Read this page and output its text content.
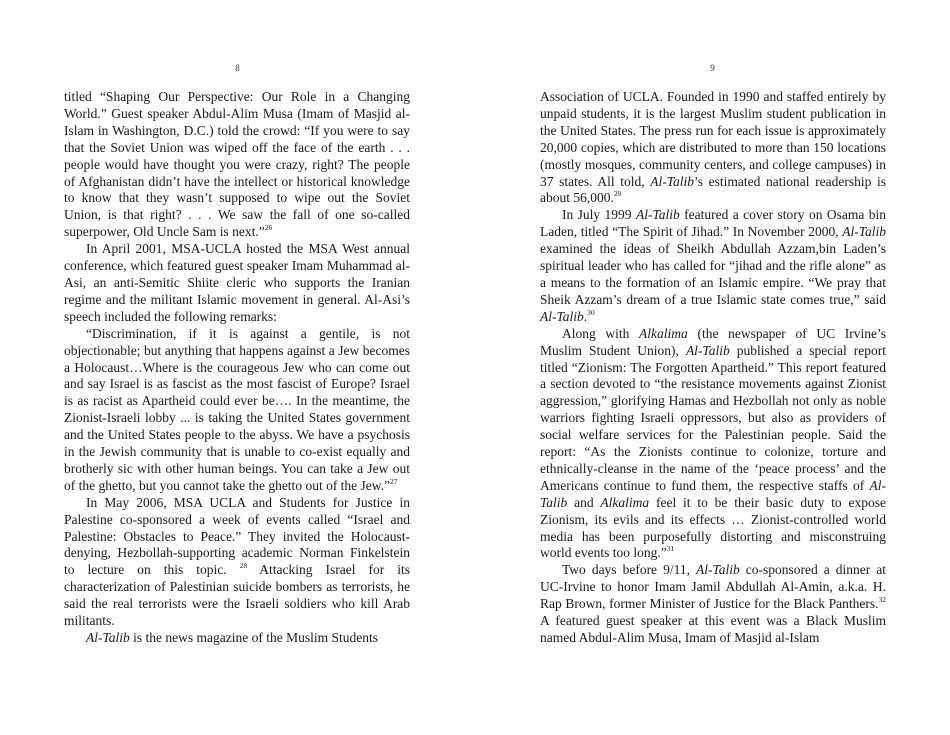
8

titled “Shaping Our Perspective: Our Role in a Changing World.” Guest speaker Abdul-Alim Musa (Imam of Masjid al-Islam in Washington, D.C.) told the crowd: “If you were to say that the Soviet Union was wiped off the face of the earth . . . people would have thought you were crazy, right? The people of Afghanistan didn’t have the intellect or historical knowledge to know that they wasn’t supposed to wipe out the Soviet Union, is that right? . . . We saw the fall of one so-called superpower, Old Uncle Sam is next.”$^{26}$

In April 2001, MSA-UCLA hosted the MSA West annual conference, which featured guest speaker Imam Muhammad al-Asi, an anti-Semitic Shiite cleric who supports the Iranian regime and the militant Islamic movement in general. Al-Asi’s speech included the following remarks:

“Discrimination, if it is against a gentile, is not objectionable; but anything that happens against a Jew becomes a Holocaust…Where is the courageous Jew who can come out and say Israel is as fascist as the most fascist of Europe? Israel is as racist as Apartheid could ever be…. In the meantime, the Zionist-Israeli lobby ... is taking the United States government and the United States people to the abyss. We have a psychosis in the Jewish community that is unable to co-exist equally and brotherly sic with other human beings. You can take a Jew out of the ghetto, but you cannot take the ghetto out of the Jew.”$^{27}$

In May 2006, MSA UCLA and Students for Justice in Palestine co-sponsored a week of events called “Israel and Palestine: Obstacles to Peace.” They invited the Holocaust-denying, Hezbollah-supporting academic Norman Finkelstein to lecture on this topic. $^{28}$ Attacking Israel for its characterization of Palestinian suicide bombers as terrorists, he said the real terrorists were the Israeli soldiers who kill Arab militants.

Al-Talib is the news magazine of the Muslim Students

9

Association of UCLA. Founded in 1990 and staffed entirely by unpaid students, it is the largest Muslim student publication in the United States. The press run for each issue is approximately 20,000 copies, which are distributed to more than 150 locations (mostly mosques, community centers, and college campuses) in 37 states. All told, Al-Talib’s estimated national readership is about 56,000.29

In July 1999 Al-Talib featured a cover story on Osama bin Laden, titled “The Spirit of Jihad.” In November 2000, Al-Talib examined the ideas of Sheikh Abdullah Azzam,bin Laden’s spiritual leader who has called for “jihad and the rifle alone” as a means to the formation of an Islamic empire. “We pray that Sheik Azzam’s dream of a true Islamic state comes true,” said Al-Talib.$^{30}$

Along with Alkalima (the newspaper of UC Irvine’s Muslim Student Union), Al-Talib published a special report titled “Zionism: The Forgotten Apartheid.” This report featured a section devoted to “the resistance movements against Zionist aggression,” glorifying Hamas and Hezbollah not only as noble warriors fighting Israeli oppressors, but also as providers of social welfare services for the Palestinian people. Said the report: “As the Zionists continue to colonize, torture and ethnically-cleanse in the name of the ‘peace process’ and the Americans continue to fund them, the respective staffs of Al-Talib and Alkalima feel it to be their basic duty to expose Zionism, its evils and its effects … Zionist-controlled world media has been purposefully distorting and misconstruing world events too long.”$^{31}$

Two days before 9/11, Al-Talib co-sponsored a dinner at UC-Irvine to honor Imam Jamil Abdullah Al-Amin, a.k.a. H. Rap Brown, former Minister of Justice for the Black Panthers.$^{32}$ A featured guest speaker at this event was a Black Muslim named Abdul-Alim Musa, Imam of Masjid al-Islam
